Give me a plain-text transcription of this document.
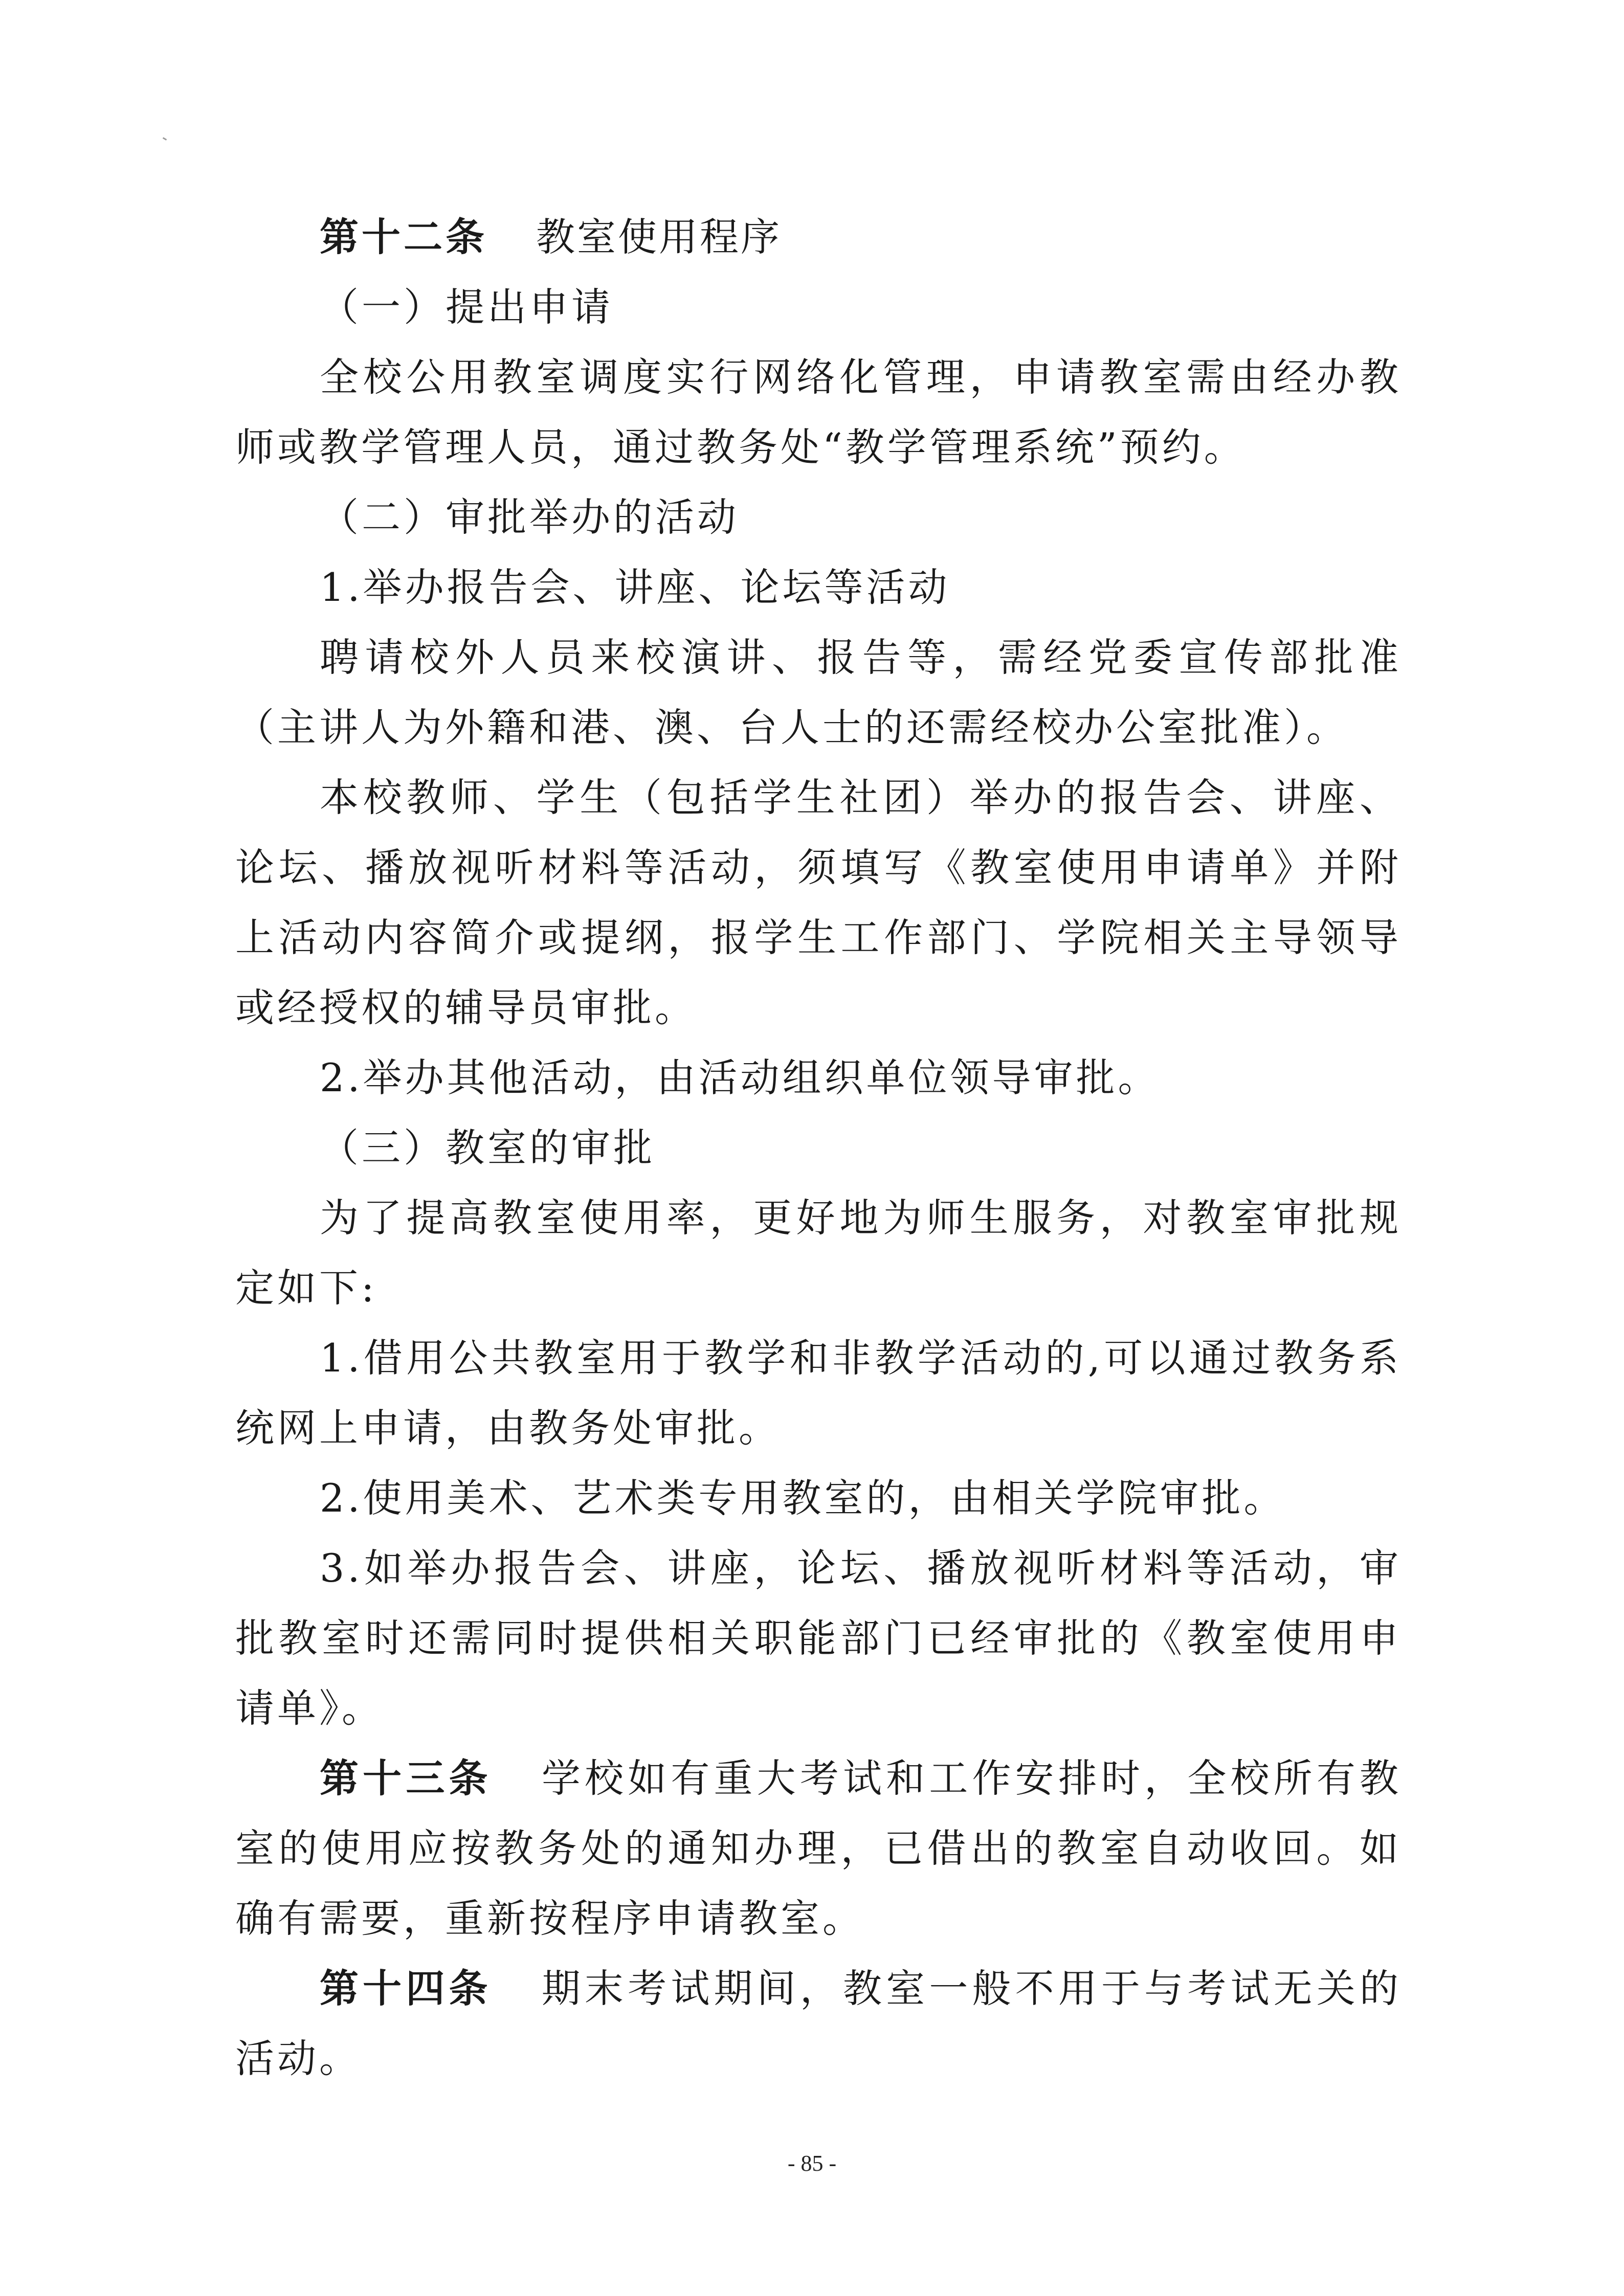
第十二条 教室使用程序

（一）提出申请

全校公用教室调度实行网络化管理，申请教室需由经办教师或教学管理人员，通过教务处“教学管理系统”预约。

（二）审批举办的活动

1.举办报告会、讲座、论坛等活动

聘请校外人员来校演讲、报告等，需经党委宣传部批准（主讲人为外籍和港、澳、台人士的还需经校办公室批准）。

本校教师、学生（包括学生社团）举办的报告会、讲座、论坛、播放视听材料等活动，须填写《教室使用申请单》并附上活动内容简介或提纲，报学生工作部门、学院相关主导领导或经授权的辅导员审批。

2.举办其他活动，由活动组织单位领导审批。

（三）教室的审批

为了提高教室使用率，更好地为师生服务，对教室审批规定如下:

1.借用公共教室用于教学和非教学活动的,可以通过教务系统网上申请，由教务处审批。

2.使用美术、艺术类专用教室的，由相关学院审批。

3.如举办报告会、讲座，论坛、播放视听材料等活动，审批教室时还需同时提供相关职能部门已经审批的《教室使用申请单》。

第十三条 学校如有重大考试和工作安排时，全校所有教室的使用应按教务处的通知办理，已借出的教室自动收回。如确有需要，重新按程序申请教室。

第十四条 期末考试期间，教室一般不用于与考试无关的活动。

- 85 -
